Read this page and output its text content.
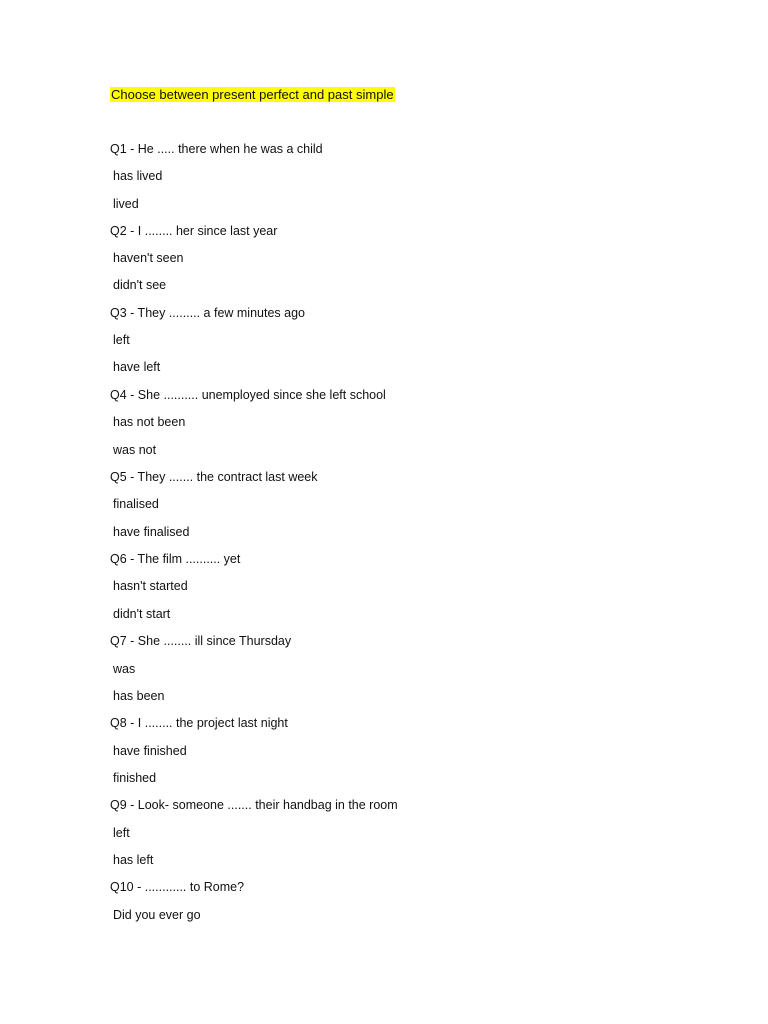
Choose between present perfect and past simple
Q1 - He ..... there when he was a child
has lived
lived
Q2 - I ........ her since last year
haven't seen
didn't see
Q3 - They ......... a few minutes ago
left
have left
Q4 - She .......... unemployed since she left school
has not been
was not
Q5 - They ....... the contract last week
finalised
have finalised
Q6 - The film .......... yet
hasn't started
didn't start
Q7 - She ........ ill since Thursday
was
has been
Q8 - I ........ the project last night
have finished
finished
Q9 - Look- someone ....... their handbag in the room
left
has left
Q10 - ............ to Rome?
Did you ever go
